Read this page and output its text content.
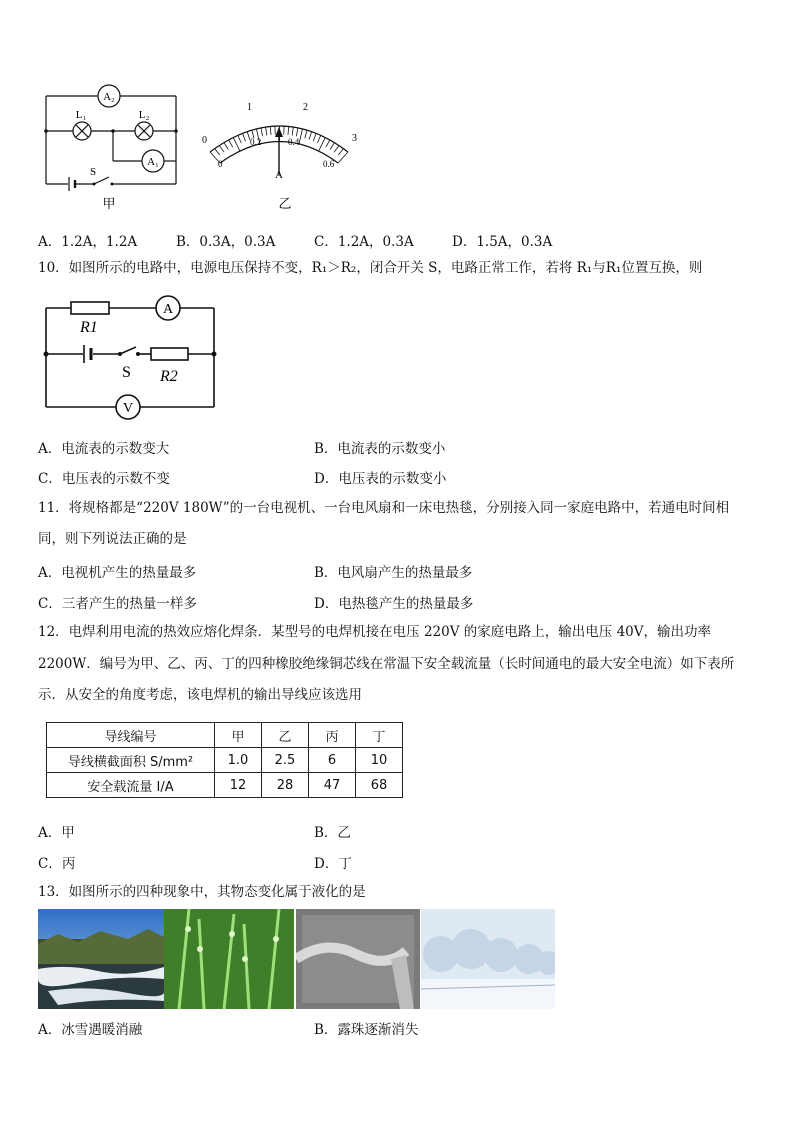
A₂
L₁	L₂
A₁
S
甲
A
0
1	2
3
0
0.2	0.4
0.6
乙
A．1.2A，1.2A	B．0.3A，0.3A	C．1.2A，0.3A	D．1.5A，0.3A
10．如图所示的电路中，电源电压保持不变，R₁＞R₂，闭合开关 S，电路正常工作，若将 R₁与R₁位置互换，则
A
V
R1
R2
S
A．电流表的示数变大	B．电流表的示数变小
C．电压表的示数不变	D．电压表的示数变小
11．将规格都是“220V 180W”的一台电视机、一台电风扇和一床电热毯，分别接入同一家庭电路中，若通电时间相
同，则下列说法正确的是
A．电视机产生的热量最多	B．电风扇产生的热量最多
C．三者产生的热量一样多	D．电热毯产生的热量最多
12．电焊利用电流的热效应熔化焊条．某型号的电焊机接在电压 220V 的家庭电路上，输出电压 40V，输出功率
2200W．编号为甲、乙、丙、丁的四种橡胶绝缘铜芯线在常温下安全载流量（长时间通电的最大安全电流）如下表所
示．从安全的角度考虑，该电焊机的输出导线应该选用
导线编号	甲	乙	丙	丁
导线横截面积 S/mm²	1.0	2.5	6	10
安全载流量 I/A	12	28	47	68
A．甲	B．乙
C．丙	D．丁
13．如图所示的四种现象中，其物态变化属于液化的是
A．冰雪遇暖消融	B．露珠逐渐消失
